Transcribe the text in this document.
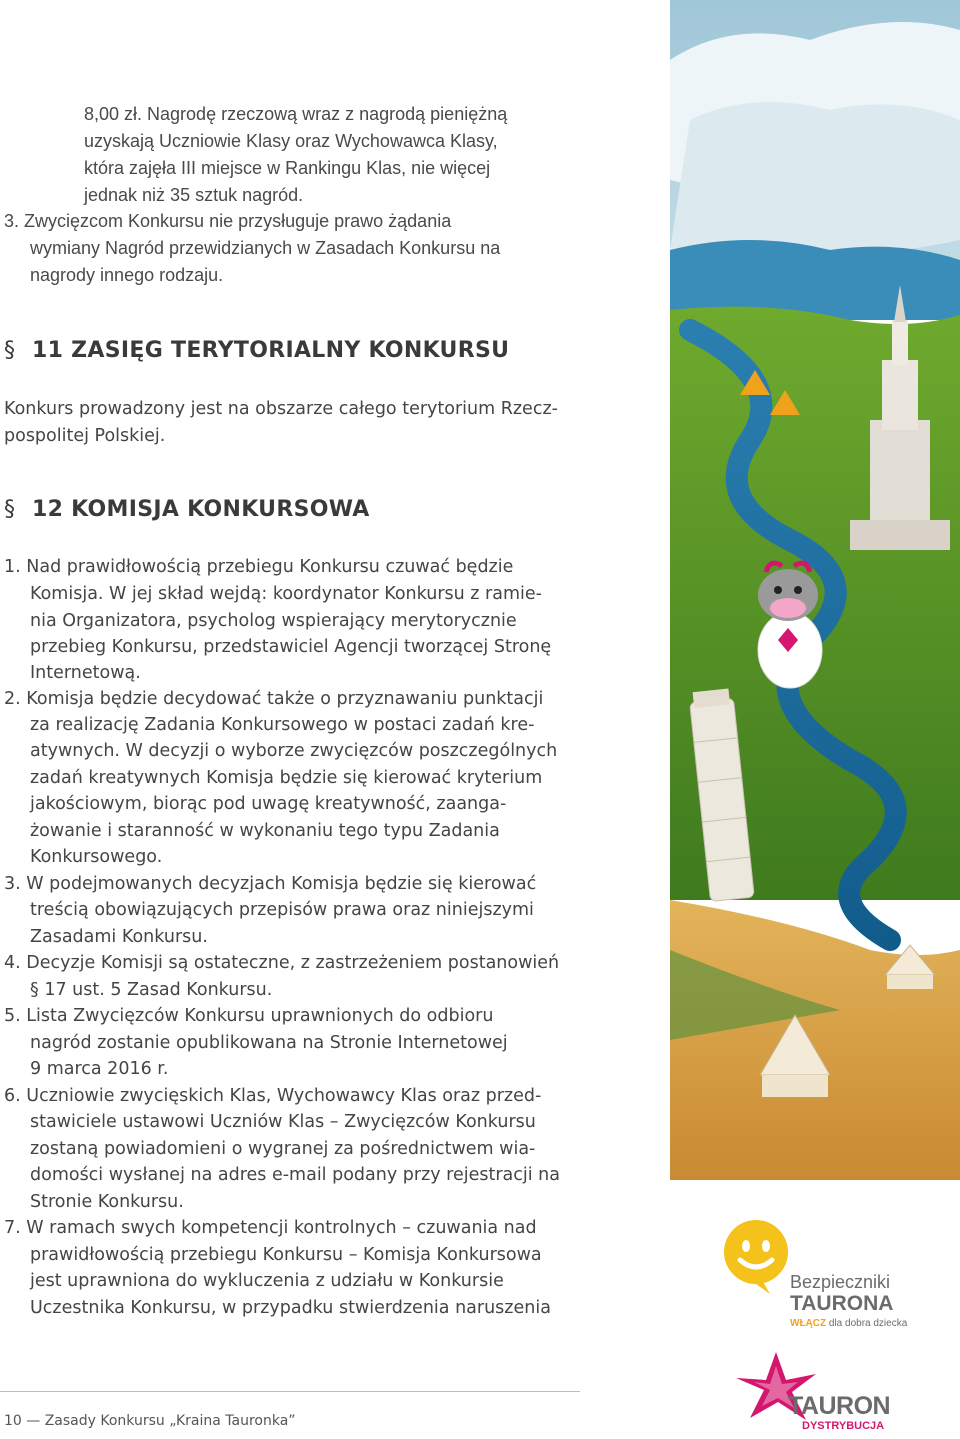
8,00 zł. Nagrodę rzeczową wraz z nagrodą pieniężną
uzyskają Uczniowie Klasy oraz Wychowawca Klasy,
która zajęła III miejsce w Rankingu Klas, nie więcej
jednak niż 35 sztuk nagród.
3. Zwycięzcom Konkursu nie przysługuje prawo żądania
wymiany Nagród przewidzianych w Zasadach Konkursu na
nagrody innego rodzaju.
§ 11 ZASIĘG TERYTORIALNY KONKURSU
Konkurs prowadzony jest na obszarze całego terytorium Rzecz-
pospolitej Polskiej.
§ 12 KOMISJA KONKURSOWA
1. Nad prawidłowością przebiegu Konkursu czuwać będzie
Komisja. W jej skład wejdą: koordynator Konkursu z ramie-
nia Organizatora, psycholog wspierający merytorycznie
przebieg Konkursu, przedstawiciel Agencji tworzącej Stronę
Internetową.
2. Komisja będzie decydować także o przyznawaniu punktacji
za realizację Zadania Konkursowego w postaci zadań kre-
atywnych. W decyzji o wyborze zwycięzców poszczególnych
zadań kreatywnych Komisja będzie się kierować kryterium
jakościowym, biorąc pod uwagę kreatywność, zaanga-
żowanie i staranność w wykonaniu tego typu Zadania
Konkursowego.
3. W podejmowanych decyzjach Komisja będzie się kierować
treścią obowiązujących przepisów prawa oraz niniejszymi
Zasadami Konkursu.
4. Decyzje Komisji są ostateczne, z zastrzeżeniem postanowień
§ 17 ust. 5 Zasad Konkursu.
5. Lista Zwycięzców Konkursu uprawnionych do odbioru
nagród zostanie opublikowana na Stronie Internetowej
9 marca 2016 r.
6. Uczniowie zwycięskich Klas, Wychowawcy Klas oraz przed-
stawiciele ustawowi Uczniów Klas – Zwycięzców Konkursu
zostaną powiadomieni o wygranej za pośrednictwem wia-
domości wysłanej na adres e-mail podany przy rejestracji na
Stronie Konkursu.
7. W ramach swych kompetencji kontrolnych – czuwania nad
prawidłowością przebiegu Konkursu – Komisja Konkursowa
jest uprawniona do wykluczenia z udziału w Konkursie
Uczestnika Konkursu, w przypadku stwierdzenia naruszenia
10 — Zasady Konkursu „Kraina Tauronka”
Bezpieczniki
TAURONA
WŁĄCZ dla dobra dziecka
TAURON
DYSTRYBUCJA
